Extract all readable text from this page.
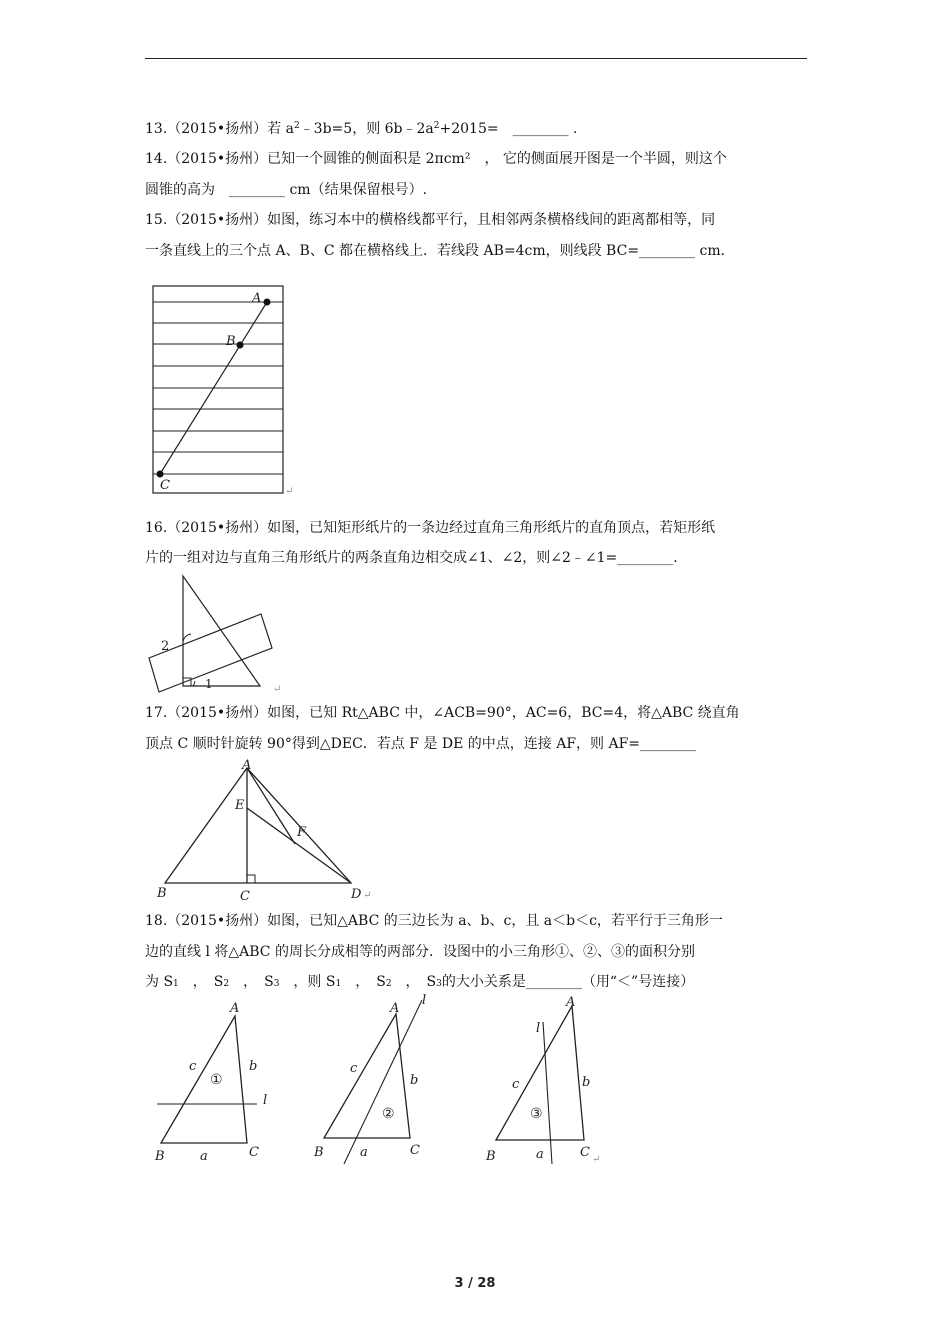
13.（2015•扬州）若 $a^2﹣3b=5$，则 $6b﹣2a^2+2015=$　________ .
14.（2015•扬州）已知一个圆锥的侧面积是 2πcm²　， 它的侧面展开图是一个半圆，则这个
圆锥的高为　________ cm（结果保留根号）.
15.（2015•扬州）如图，练习本中的横格线都平行，且相邻两条横格线间的距离都相等，同
一条直线上的三个点 A、B、C 都在横格线上．若线段 AB=4cm，则线段 BC=________ cm．
A
B
C	↵
16.（2015•扬州）如图，已知矩形纸片的一条边经过直角三角形纸片的直角顶点，若矩形纸
片的一组对边与直角三角形纸片的两条直角边相交成∠1、∠2，则∠2﹣∠1=________．
2
1	↵
17.（2015•扬州）如图，已知 Rt△ABC 中，∠ACB=90°，AC=6，BC=4，将△ABC 绕直角
顶点 C 顺时针旋转 90°得到△DEC．若点 F 是 DE 的中点，连接 AF，则 AF=________
A
E
F
B	C	D ↵
18.（2015•扬州）如图，已知△ABC 的三边长为 a、b、c，且 a＜b＜c，若平行于三角形一
边的直线 l 将△ABC 的周长分成相等的两部分．设图中的小三角形①、②、③的面积分别
为 $S_1$　，　$S_2$　，　$S_3$　，则 $S_1$　，　$S_2$　，　$S_3$的大小关系是________（用“＜”号连接）
A
B	C
a
b
c
l
①
A
B	C
a
b
c
l
②
A
B	C
a
b
c
l
③
↵
3 / 28
